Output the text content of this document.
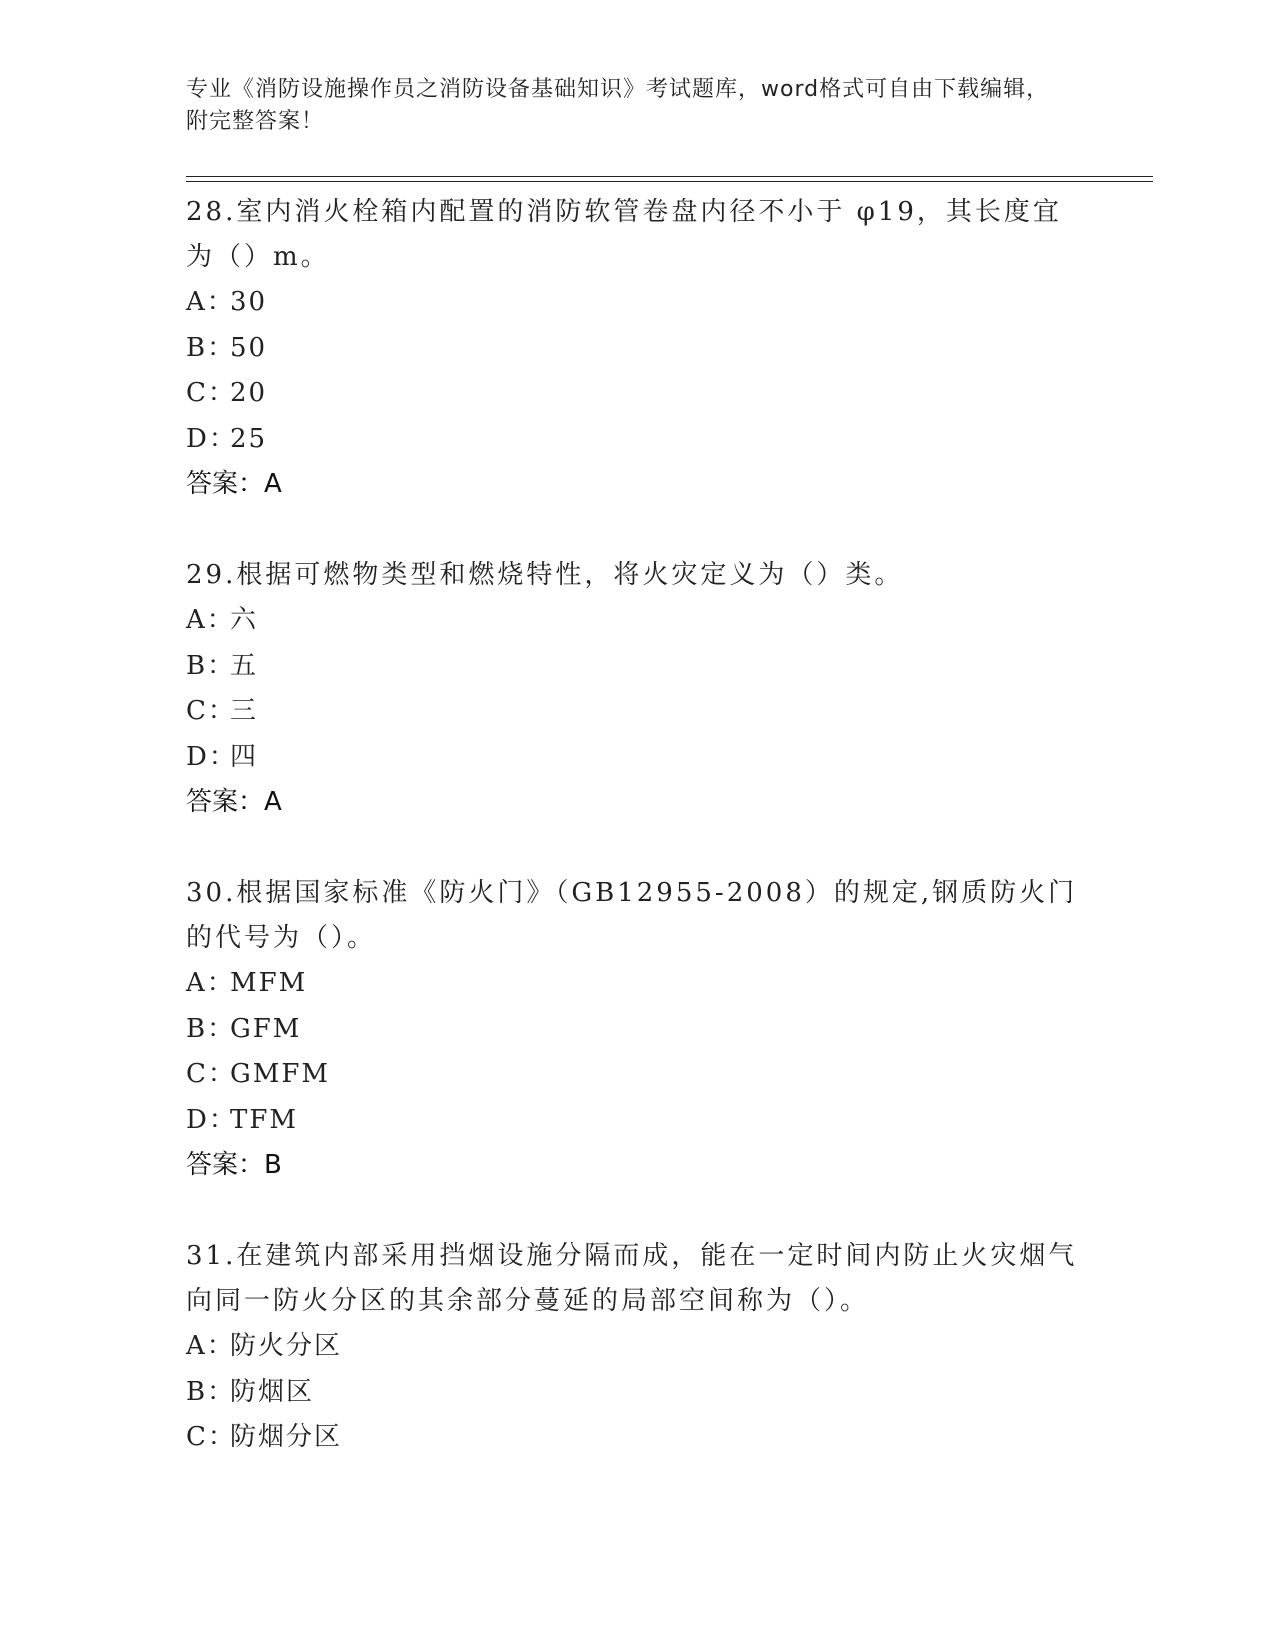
专业《消防设施操作员之消防设备基础知识》考试题库，word格式可自由下载编辑，附完整答案！

28.室内消火栓箱内配置的消防软管卷盘内径不小于 φ19，其长度宜为（）m。

A：30
B：50
C：20
D：25
答案：A

29.根据可燃物类型和燃烧特性，将火灾定义为（）类。

A：六
B：五
C：三
D：四
答案：A

30.根据国家标准《防火门》（GB12955-2008）的规定,钢质防火门的代号为（）。

A：MFM
B：GFM
C：GMFM
D：TFM
答案：B

31.在建筑内部采用挡烟设施分隔而成，能在一定时间内防止火灾烟气向同一防火分区的其余部分蔓延的局部空间称为（）。

A：防火分区
B：防烟区
C：防烟分区
